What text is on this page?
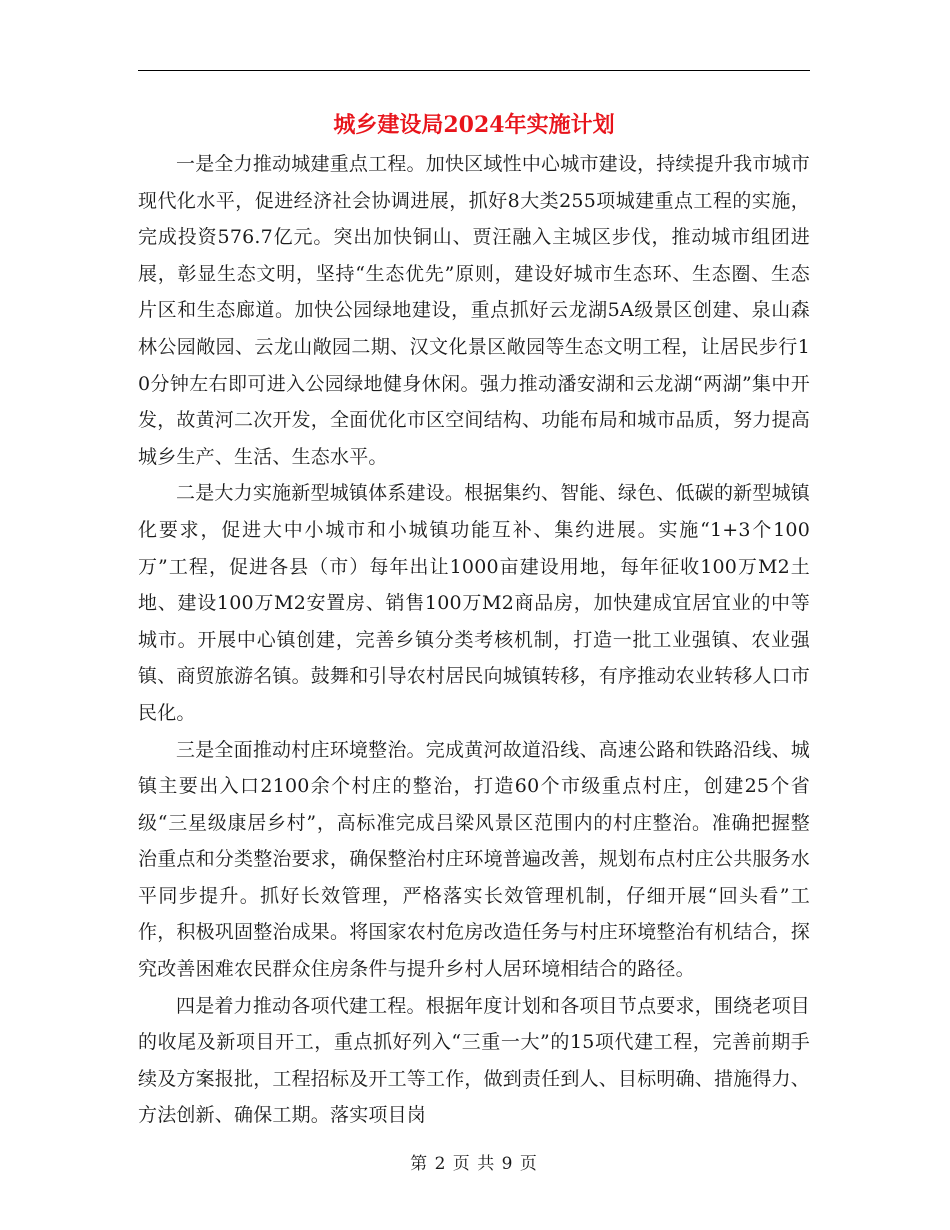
城乡建设局2024年实施计划

一是全力推动城建重点工程。加快区域性中心城市建设，持续提升我市城市现代化水平，促进经济社会协调进展，抓好8大类255项城建重点工程的实施，完成投资576.7亿元。突出加快铜山、贾汪融入主城区步伐，推动城市组团进展，彰显生态文明，坚持“生态优先”原则，建设好城市生态环、生态圈、生态片区和生态廊道。加快公园绿地建设，重点抓好云龙湖5A级景区创建、泉山森林公园敞园、云龙山敞园二期、汉文化景区敞园等生态文明工程，让居民步行10分钟左右即可进入公园绿地健身休闲。强力推动潘安湖和云龙湖“两湖”集中开发，故黄河二次开发，全面优化市区空间结构、功能布局和城市品质，努力提高城乡生产、生活、生态水平。

二是大力实施新型城镇体系建设。根据集约、智能、绿色、低碳的新型城镇化要求，促进大中小城市和小城镇功能互补、集约进展。实施“1+3个100万”工程，促进各县（市）每年出让1000亩建设用地，每年征收100万M2土地、建设100万M2安置房、销售100万M2商品房，加快建成宜居宜业的中等城市。开展中心镇创建，完善乡镇分类考核机制，打造一批工业强镇、农业强镇、商贸旅游名镇。鼓舞和引导农村居民向城镇转移，有序推动农业转移人口市民化。

三是全面推动村庄环境整治。完成黄河故道沿线、高速公路和铁路沿线、城镇主要出入口2100余个村庄的整治，打造60个市级重点村庄，创建25个省级“三星级康居乡村”，高标准完成吕梁风景区范围内的村庄整治。准确把握整治重点和分类整治要求，确保整治村庄环境普遍改善，规划布点村庄公共服务水平同步提升。抓好长效管理，严格落实长效管理机制，仔细开展“回头看”工作，积极巩固整治成果。将国家农村危房改造任务与村庄环境整治有机结合，探究改善困难农民群众住房条件与提升乡村人居环境相结合的路径。

四是着力推动各项代建工程。根据年度计划和各项目节点要求，围绕老项目的收尾及新项目开工，重点抓好列入“三重一大”的15项代建工程，完善前期手续及方案报批，工程招标及开工等工作，做到责任到人、目标明确、措施得力、方法创新、确保工期。落实项目岗

第 2 页 共 9 页
